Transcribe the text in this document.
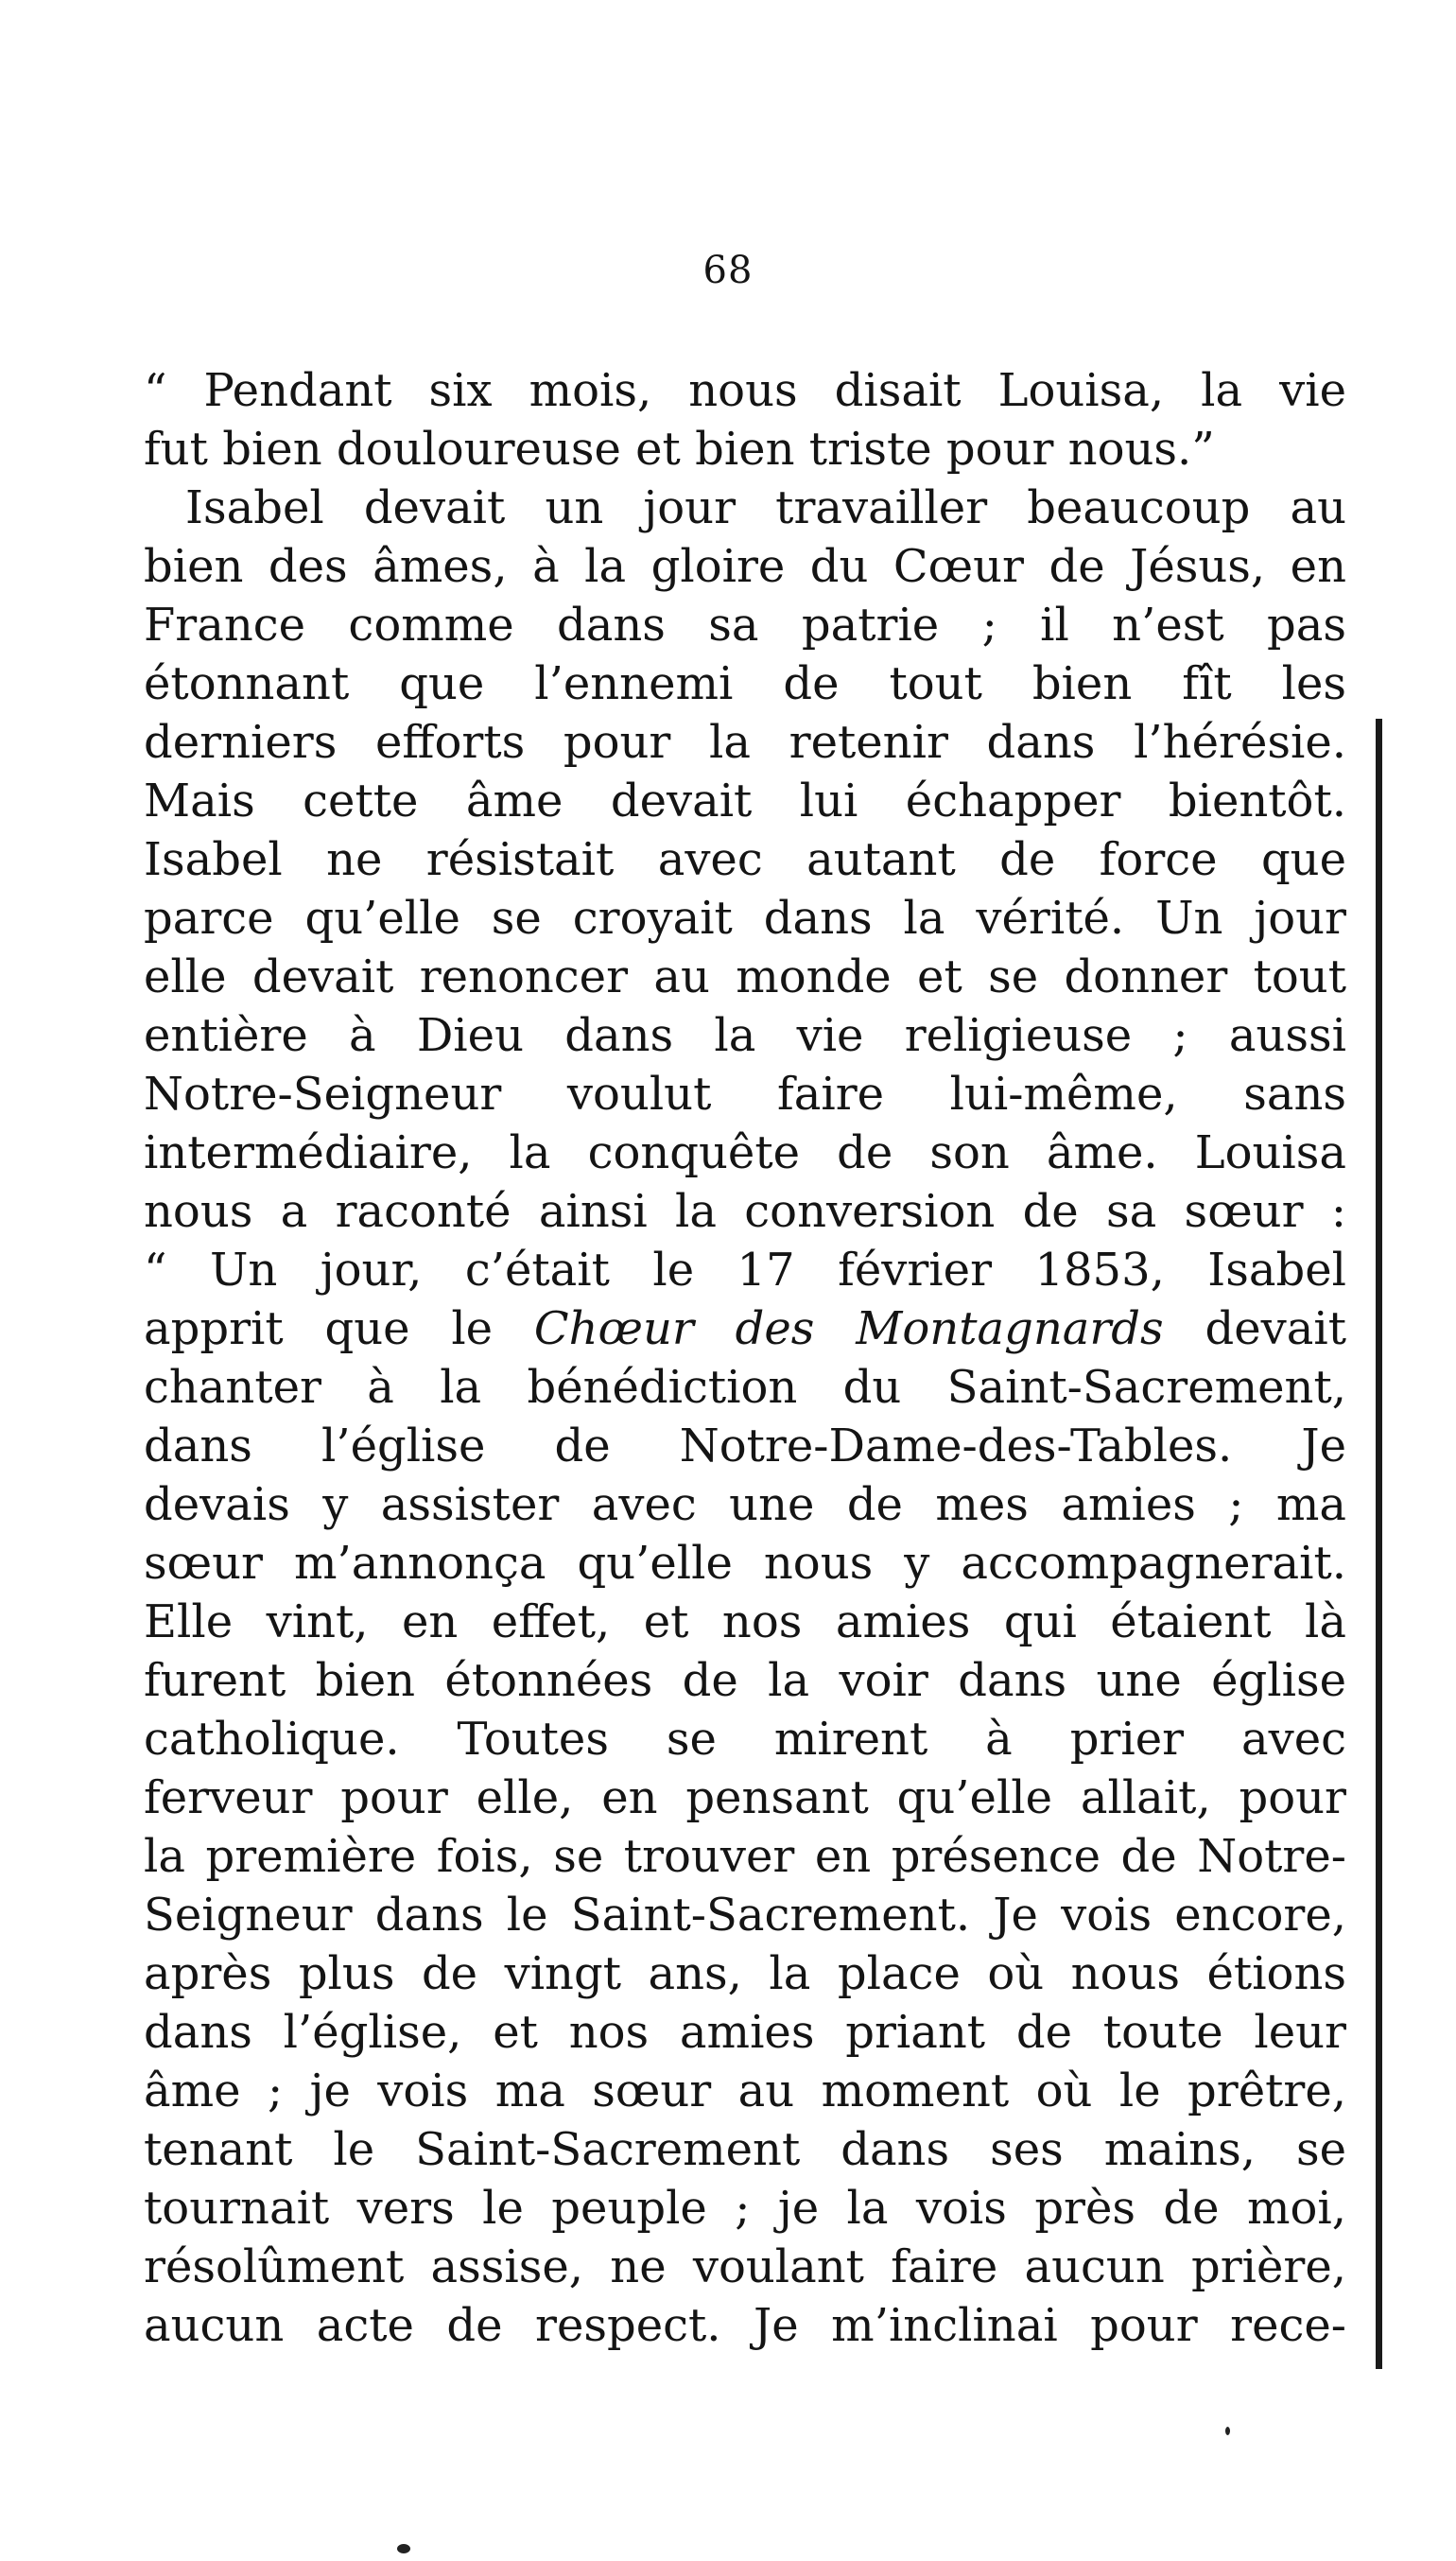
68
“ Pendant six mois, nous disait Louisa, la vie
fut bien douloureuse et bien triste pour nous.”
Isabel devait un jour travailler beaucoup au
bien des âmes, à la gloire du Cœur de Jésus, en
France comme dans sa patrie ; il n’est pas
étonnant que l’ennemi de tout bien fît les
derniers efforts pour la retenir dans l’hérésie.
Mais cette âme devait lui échapper bientôt.
Isabel ne résistait avec autant de force que
parce qu’elle se croyait dans la vérité. Un jour
elle devait renoncer au monde et se donner tout
entière à Dieu dans la vie religieuse ; aussi
Notre-Seigneur voulut faire lui-même, sans
intermédiaire, la conquête de son âme. Louisa
nous a raconté ainsi la conversion de sa sœur :
“ Un jour, c’était le 17 février 1853, Isabel
apprit que le Chœur des Montagnards devait
chanter à la bénédiction du Saint-Sacrement,
dans l’église de Notre-Dame-des-Tables. Je
devais y assister avec une de mes amies ; ma
sœur m’annonça qu’elle nous y accompagnerait.
Elle vint, en effet, et nos amies qui étaient là
furent bien étonnées de la voir dans une église
catholique. Toutes se mirent à prier avec
ferveur pour elle, en pensant qu’elle allait, pour
la première fois, se trouver en présence de Notre-
Seigneur dans le Saint-Sacrement. Je vois encore,
après plus de vingt ans, la place où nous étions
dans l’église, et nos amies priant de toute leur
âme ; je vois ma sœur au moment où le prêtre,
tenant le Saint-Sacrement dans ses mains, se
tournait vers le peuple ; je la vois près de moi,
résolûment assise, ne voulant faire aucun prière,
aucun acte de respect. Je m’inclinai pour rece-
